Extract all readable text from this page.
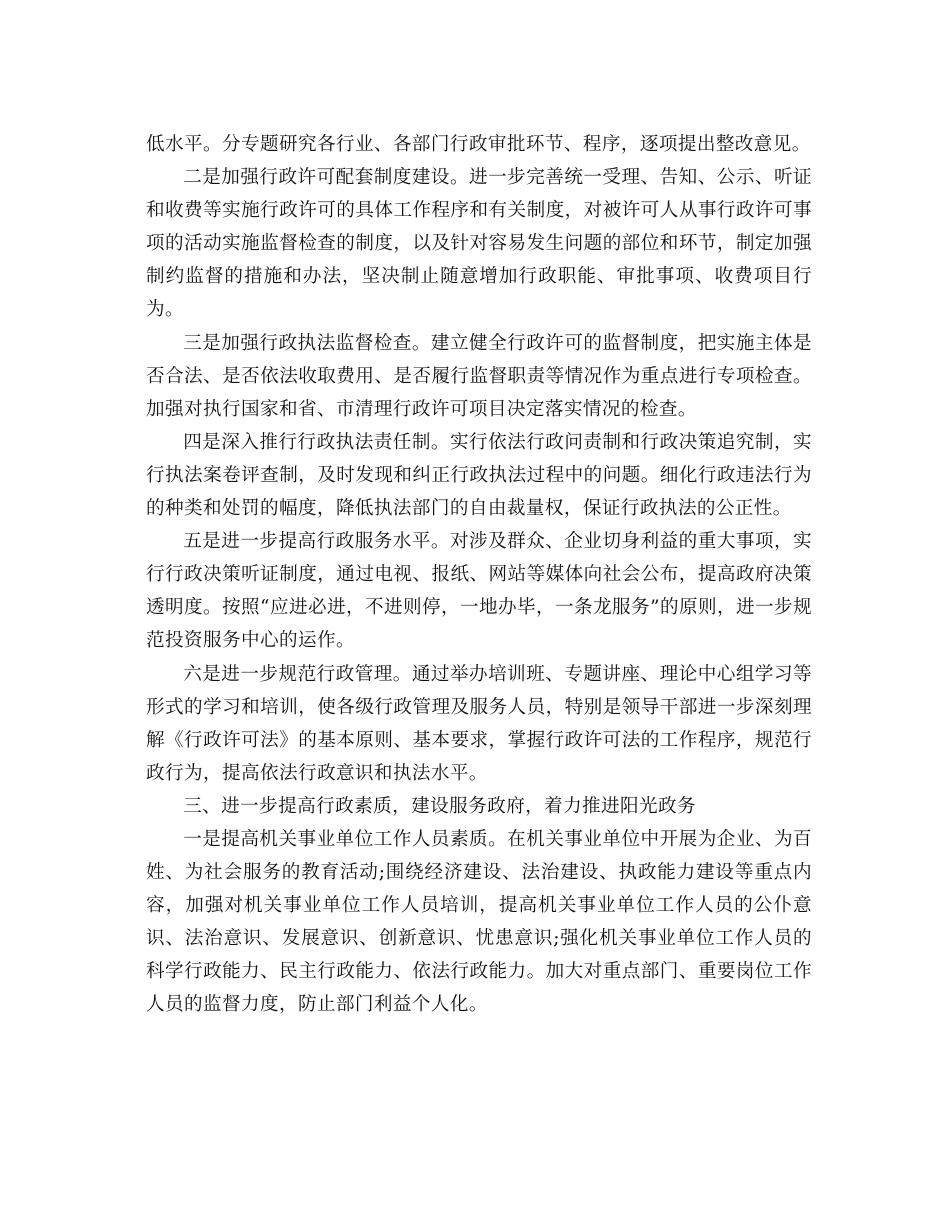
低水平。分专题研究各行业、各部门行政审批环节、程序，逐项提出整改意见。

二是加强行政许可配套制度建设。进一步完善统一受理、告知、公示、听证和收费等实施行政许可的具体工作程序和有关制度，对被许可人从事行政许可事项的活动实施监督检查的制度，以及针对容易发生问题的部位和环节，制定加强制约监督的措施和办法，坚决制止随意增加行政职能、审批事项、收费项目行为。

三是加强行政执法监督检查。建立健全行政许可的监督制度，把实施主体是否合法、是否依法收取费用、是否履行监督职责等情况作为重点进行专项检查。加强对执行国家和省、市清理行政许可项目决定落实情况的检查。

四是深入推行行政执法责任制。实行依法行政问责制和行政决策追究制，实行执法案卷评查制，及时发现和纠正行政执法过程中的问题。细化行政违法行为的种类和处罚的幅度，降低执法部门的自由裁量权，保证行政执法的公正性。

五是进一步提高行政服务水平。对涉及群众、企业切身利益的重大事项，实行行政决策听证制度，通过电视、报纸、网站等媒体向社会公布，提高政府决策透明度。按照“应进必进，不进则停，一地办毕，一条龙服务”的原则，进一步规范投资服务中心的运作。

六是进一步规范行政管理。通过举办培训班、专题讲座、理论中心组学习等形式的学习和培训，使各级行政管理及服务人员，特别是领导干部进一步深刻理解《行政许可法》的基本原则、基本要求，掌握行政许可法的工作程序，规范行政行为，提高依法行政意识和执法水平。

三、进一步提高行政素质，建设服务政府，着力推进阳光政务

一是提高机关事业单位工作人员素质。在机关事业单位中开展为企业、为百姓、为社会服务的教育活动;围绕经济建设、法治建设、执政能力建设等重点内容，加强对机关事业单位工作人员培训，提高机关事业单位工作人员的公仆意识、法治意识、发展意识、创新意识、忧患意识;强化机关事业单位工作人员的科学行政能力、民主行政能力、依法行政能力。加大对重点部门、重要岗位工作人员的监督力度，防止部门利益个人化。
